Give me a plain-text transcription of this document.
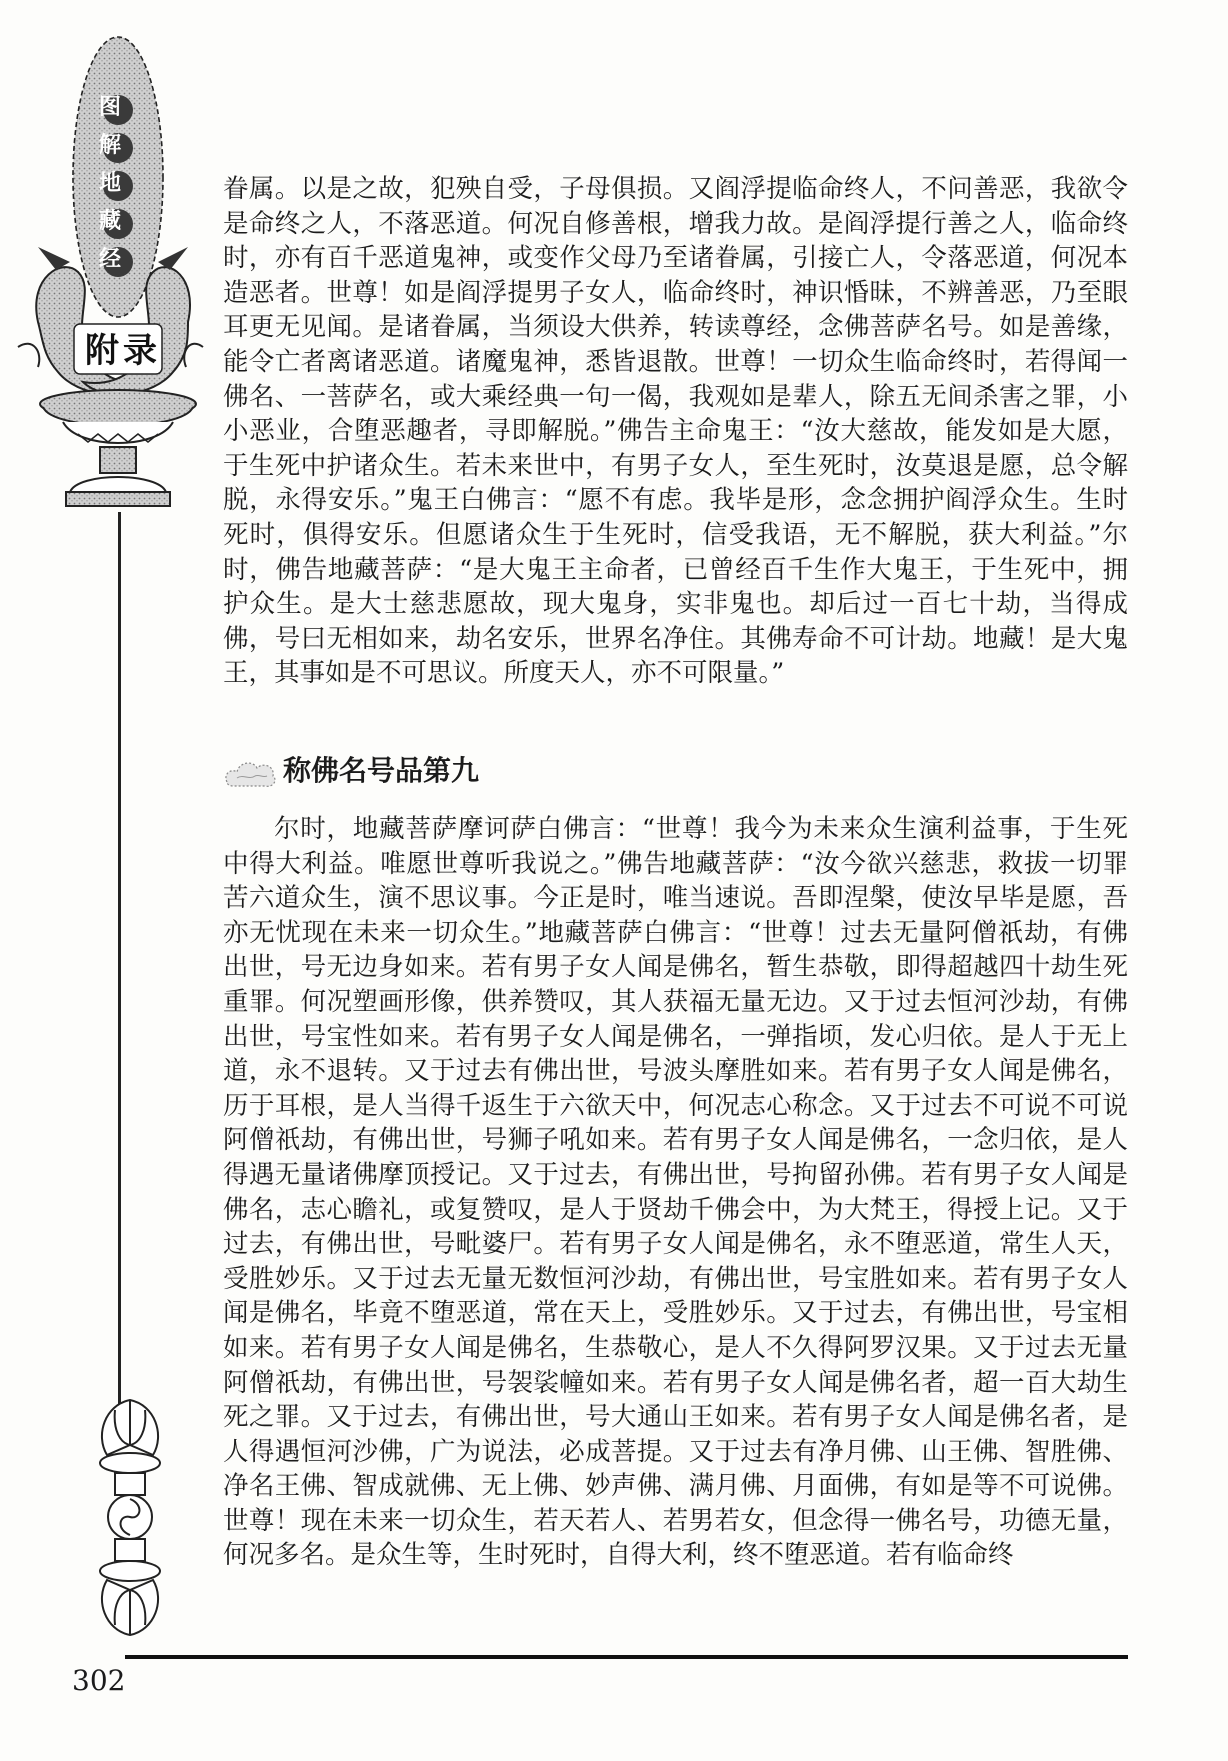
图
解
地
藏
经
附录

眷属。以是之故，犯殃自受，子母俱损。又阎浮提临命终人，不问善恶，我欲令是命终之人，不落恶道。何况自修善根，增我力故。是阎浮提行善之人，临命终时，亦有百千恶道鬼神，或变作父母乃至诸眷属，引接亡人，令落恶道，何况本造恶者。世尊！如是阎浮提男子女人，临命终时，神识惛昧，不辨善恶，乃至眼耳更无见闻。是诸眷属，当须设大供养，转读尊经，念佛菩萨名号。如是善缘，能令亡者离诸恶道。诸魔鬼神，悉皆退散。世尊！一切众生临命终时，若得闻一佛名、一菩萨名，或大乘经典一句一偈，我观如是辈人，除五无间杀害之罪，小小恶业，合堕恶趣者，寻即解脱。”佛告主命鬼王：“汝大慈故，能发如是大愿，于生死中护诸众生。若未来世中，有男子女人，至生死时，汝莫退是愿，总令解脱，永得安乐。”鬼王白佛言：“愿不有虑。我毕是形，念念拥护阎浮众生。生时死时，俱得安乐。但愿诸众生于生死时，信受我语，无不解脱，获大利益。”尔时，佛告地藏菩萨：“是大鬼王主命者，已曾经百千生作大鬼王，于生死中，拥护众生。是大士慈悲愿故，现大鬼身，实非鬼也。却后过一百七十劫，当得成佛，号曰无相如来，劫名安乐，世界名净住。其佛寿命不可计劫。地藏！是大鬼王，其事如是不可思议。所度天人，亦不可限量。”

称佛名号品第九

尔时，地藏菩萨摩诃萨白佛言：“世尊！我今为未来众生演利益事，于生死中得大利益。唯愿世尊听我说之。”佛告地藏菩萨：“汝今欲兴慈悲，救拔一切罪苦六道众生，演不思议事。今正是时，唯当速说。吾即涅槃，使汝早毕是愿，吾亦无忧现在未来一切众生。”地藏菩萨白佛言：“世尊！过去无量阿僧祇劫，有佛出世，号无边身如来。若有男子女人闻是佛名，暂生恭敬，即得超越四十劫生死重罪。何况塑画形像，供养赞叹，其人获福无量无边。又于过去恒河沙劫，有佛出世，号宝性如来。若有男子女人闻是佛名，一弹指顷，发心归依。是人于无上道，永不退转。又于过去有佛出世，号波头摩胜如来。若有男子女人闻是佛名，历于耳根，是人当得千返生于六欲天中，何况志心称念。又于过去不可说不可说阿僧祇劫，有佛出世，号狮子吼如来。若有男子女人闻是佛名，一念归依，是人得遇无量诸佛摩顶授记。又于过去，有佛出世，号拘留孙佛。若有男子女人闻是佛名，志心瞻礼，或复赞叹，是人于贤劫千佛会中，为大梵王，得授上记。又于过去，有佛出世，号毗婆尸。若有男子女人闻是佛名，永不堕恶道，常生人天，受胜妙乐。又于过去无量无数恒河沙劫，有佛出世，号宝胜如来。若有男子女人闻是佛名，毕竟不堕恶道，常在天上，受胜妙乐。又于过去，有佛出世，号宝相如来。若有男子女人闻是佛名，生恭敬心，是人不久得阿罗汉果。又于过去无量阿僧祇劫，有佛出世，号袈裟幢如来。若有男子女人闻是佛名者，超一百大劫生死之罪。又于过去，有佛出世，号大通山王如来。若有男子女人闻是佛名者，是人得遇恒河沙佛，广为说法，必成菩提。又于过去有净月佛、山王佛、智胜佛、净名王佛、智成就佛、无上佛、妙声佛、满月佛、月面佛，有如是等不可说佛。世尊！现在未来一切众生，若天若人、若男若女，但念得一佛名号，功德无量，何况多名。是众生等，生时死时，自得大利，终不堕恶道。若有临命终

302
